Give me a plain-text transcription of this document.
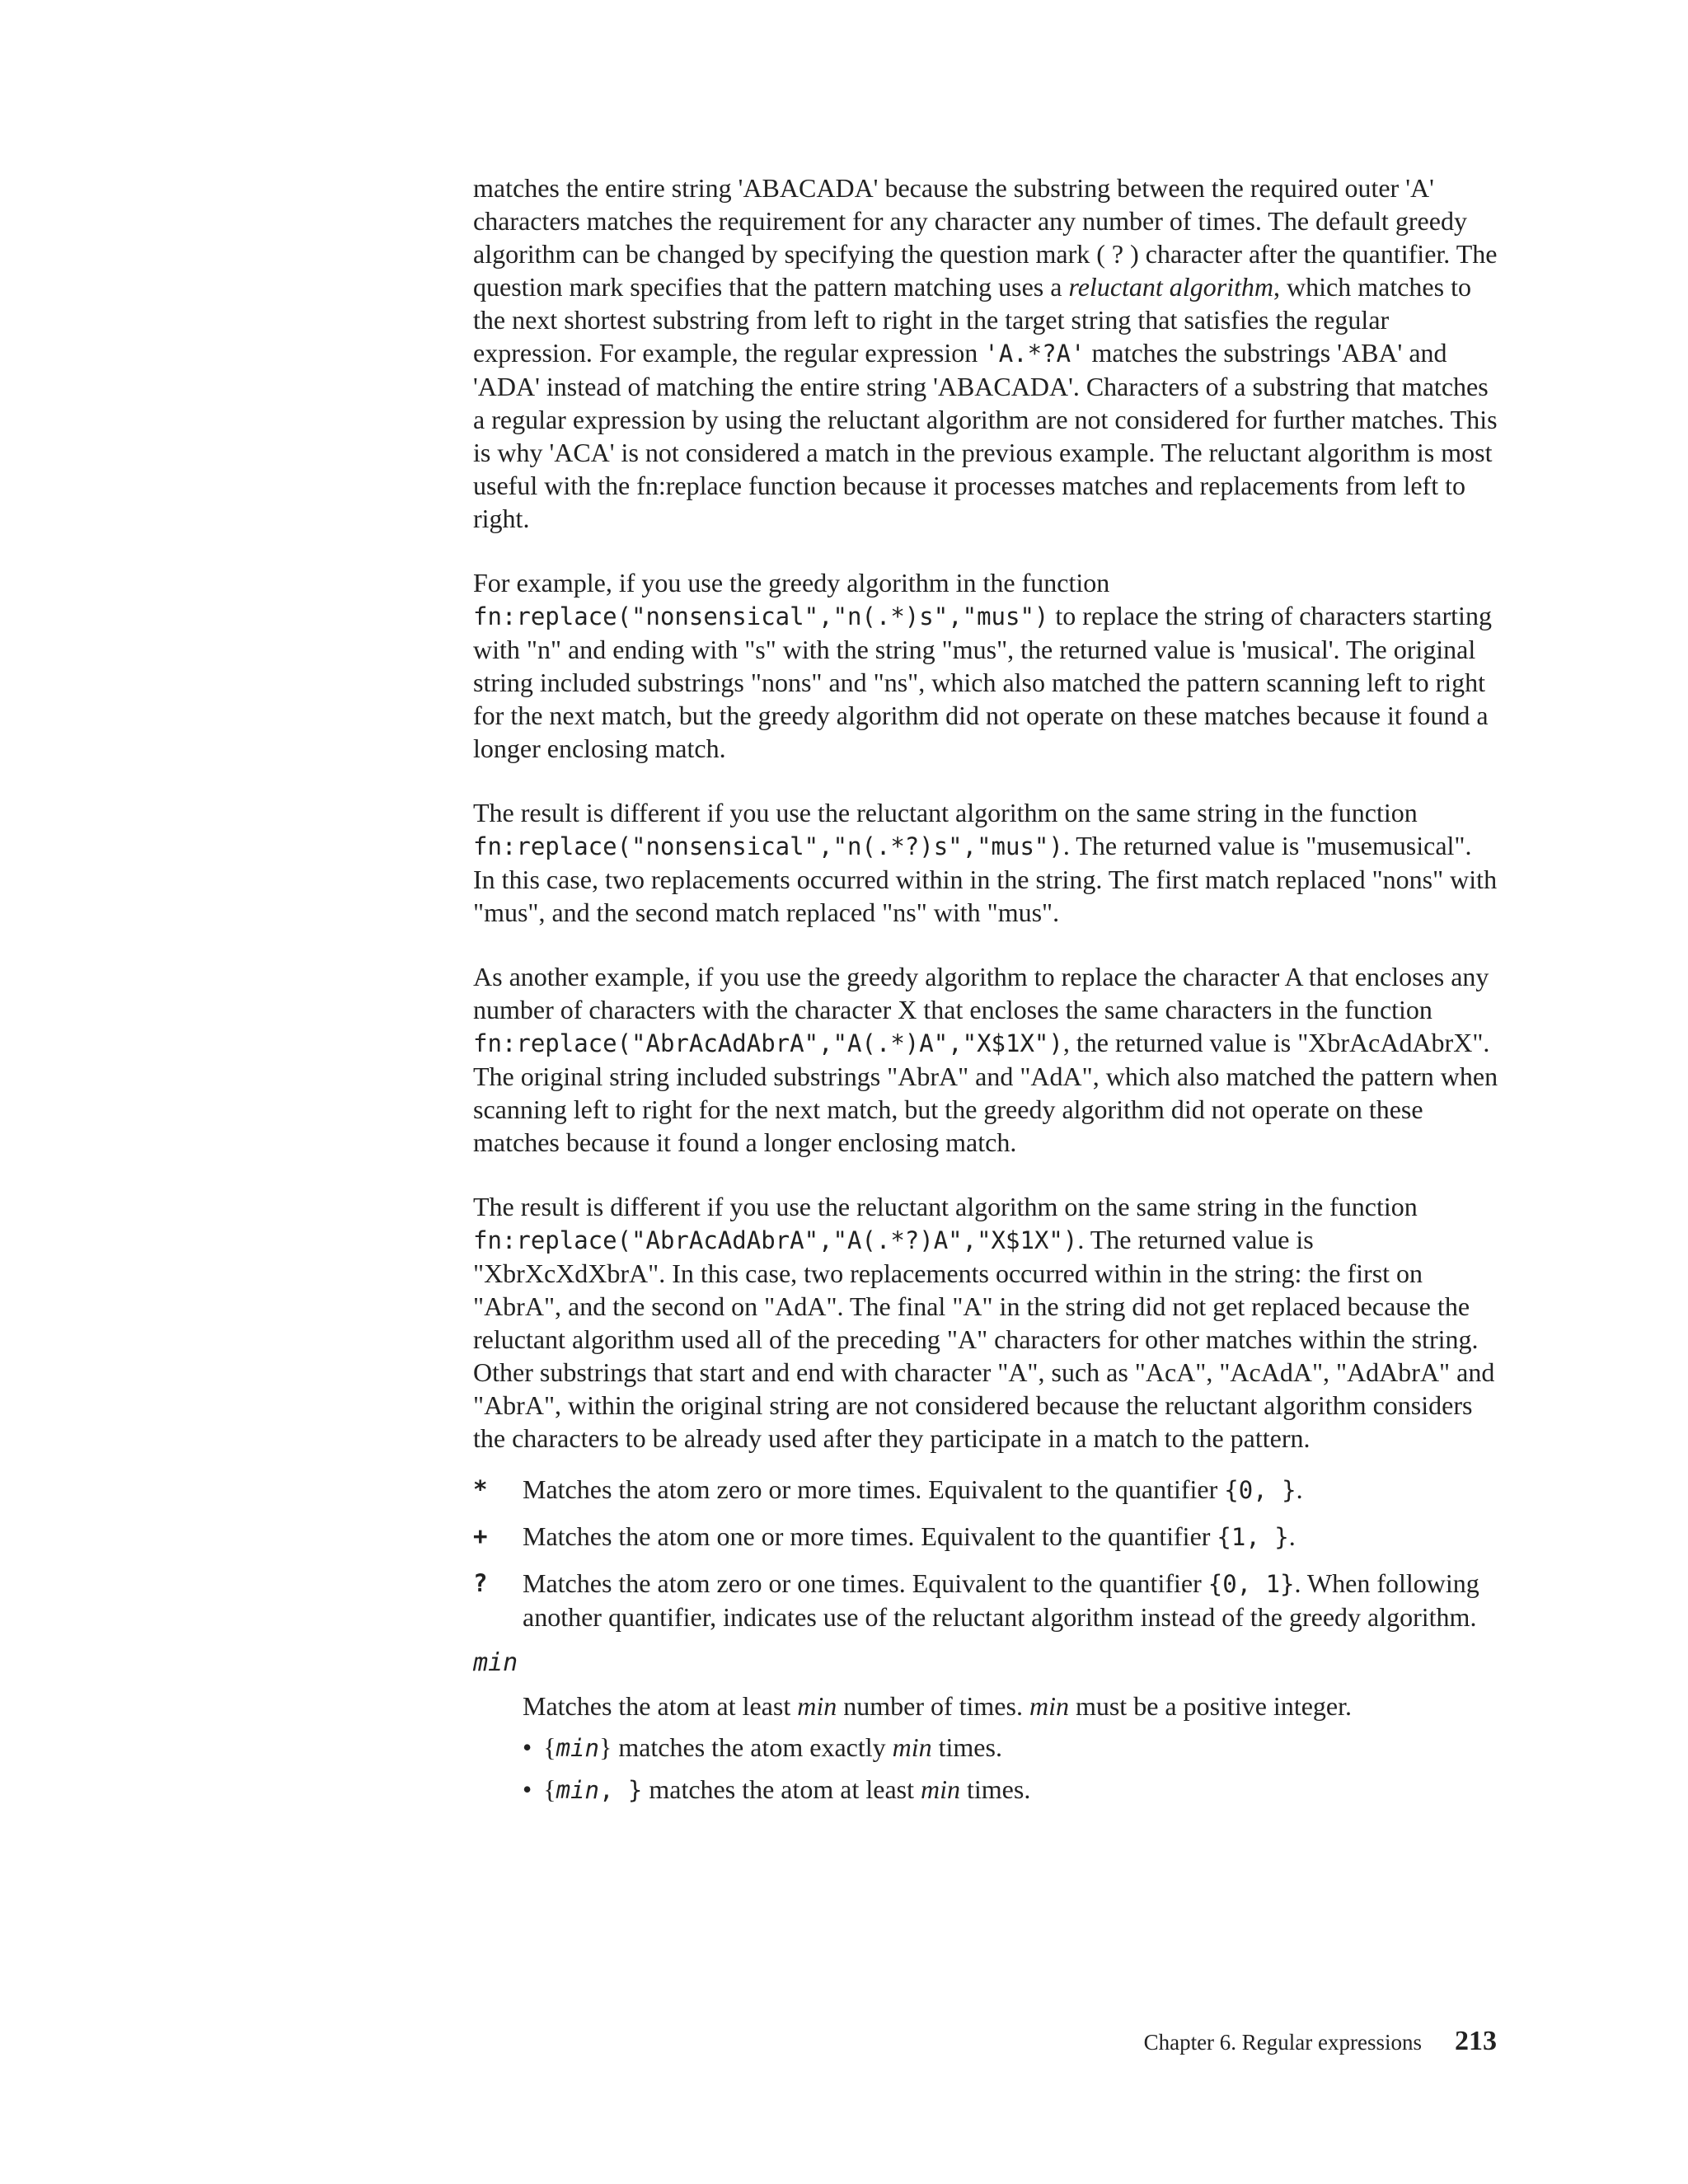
matches the entire string 'ABACADA' because the substring between the required outer 'A' characters matches the requirement for any character any number of times. The default greedy algorithm can be changed by specifying the question mark ( ? ) character after the quantifier. The question mark specifies that the pattern matching uses a reluctant algorithm, which matches to the next shortest substring from left to right in the target string that satisfies the regular expression. For example, the regular expression 'A.*?A' matches the substrings 'ABA' and 'ADA' instead of matching the entire string 'ABACADA'. Characters of a substring that matches a regular expression by using the reluctant algorithm are not considered for further matches. This is why 'ACA' is not considered a match in the previous example. The reluctant algorithm is most useful with the fn:replace function because it processes matches and replacements from left to right.

For example, if you use the greedy algorithm in the function fn:replace("nonsensical","n(.*)s","mus") to replace the string of characters starting with "n" and ending with "s" with the string "mus", the returned value is 'musical'. The original string included substrings "nons" and "ns", which also matched the pattern scanning left to right for the next match, but the greedy algorithm did not operate on these matches because it found a longer enclosing match.

The result is different if you use the reluctant algorithm on the same string in the function fn:replace("nonsensical","n(.*?)s","mus"). The returned value is "musemusical". In this case, two replacements occurred within in the string. The first match replaced "nons" with "mus", and the second match replaced "ns" with "mus".

As another example, if you use the greedy algorithm to replace the character A that encloses any number of characters with the character X that encloses the same characters in the function fn:replace("AbrAcAdAbrA","A(.*)A","X$1X"), the returned value is "XbrAcAdAbrX". The original string included substrings "AbrA" and "AdA", which also matched the pattern when scanning left to right for the next match, but the greedy algorithm did not operate on these matches because it found a longer enclosing match.

The result is different if you use the reluctant algorithm on the same string in the function fn:replace("AbrAcAdAbrA","A(.*?)A","X$1X"). The returned value is "XbrXcXdXbrA". In this case, two replacements occurred within in the string: the first on "AbrA", and the second on "AdA". The final "A" in the string did not get replaced because the reluctant algorithm used all of the preceding "A" characters for other matches within the string. Other substrings that start and end with character "A", such as "AcA", "AcAdA", "AdAbrA" and "AbrA", within the original string are not considered because the reluctant algorithm considers the characters to be already used after they participate in a match to the pattern.

*	Matches the atom zero or more times. Equivalent to the quantifier {0, }.
+	Matches the atom one or more times. Equivalent to the quantifier {1, }.
?	Matches the atom zero or one times. Equivalent to the quantifier {0, 1}. When following another quantifier, indicates use of the reluctant algorithm instead of the greedy algorithm.
min
Matches the atom at least min number of times. min must be a positive integer.
• {min} matches the atom exactly min times.
• {min, } matches the atom at least min times.
Chapter 6. Regular expressions 213
